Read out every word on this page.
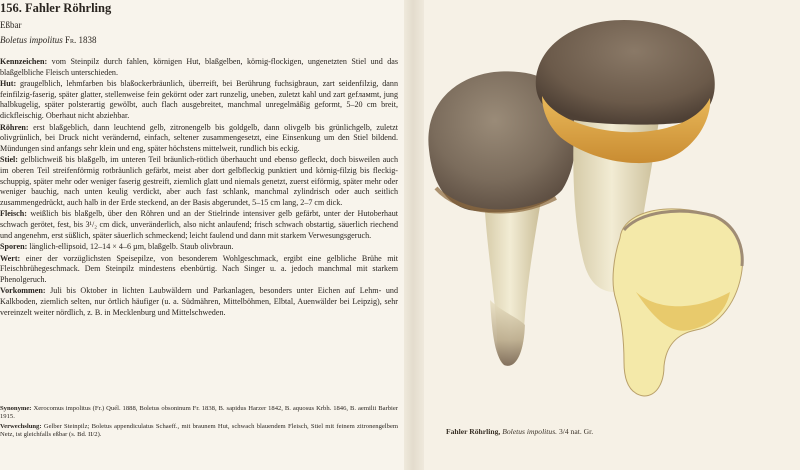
156. Fahler Röhrling
Eßbar
Boletus impolitus Fr. 1838

Kennzeichen: vom Steinpilz durch fahlen, körnigen Hut, blaßgelben, körnig-flockigen, ungenetzten Stiel und das blaßgelbliche Fleisch unterschieden.

Hut: graugelblich, lehmfarben bis blaßockerbräunlich, überreift, bei Berührung fuchsigbraun, zart seidenfilzig, dann feinfilzig-faserig, später glatter, stellenweise fein gekörnt oder zart runzelig, uneben, zuletzt kahl und zart gefламmt, jung halbkugelig, später polsterartig gewölbt, auch flach ausgebreitet, manchmal unregelmäßig geformt, 5–20 cm breit, dickfleischig. Oberhaut nicht abziehbar.

Röhren: erst blaßgeblich, dann leuchtend gelb, zitronengelb bis goldgelb, dann olivgelb bis grünlichgelb, zuletzt olivgrünlich, bei Druck nicht verändernd, einfach, seltener zusammengesetzt, eine Einsenkung um den Stiel bildend. Mündungen sind anfangs sehr klein und eng, später höchstens mittelweit, rundlich bis eckig.

Stiel: gelblichweiß bis blaßgelb, im unteren Teil bräunlich-rötlich überhaucht und ebenso gefleckt, doch bisweilen auch im oberen Teil streifenförmig rotbräunlich gefärbt, meist aber dort gelbfleckig punktiert und körnig-filzig bis fleckig-schuppig, später mehr oder weniger faserig gestreift, ziemlich glatt und niemals genetzt, zuerst eiförmig, später mehr oder weniger bauchig, nach unten keulig verdickt, aber auch fast schlank, manchmal zylindrisch oder auch seitlich zusammengedrückt, auch halb in der Erde steckend, an der Basis abgerundet, 5–15 cm lang, 2–7 cm dick.

Fleisch: weißlich bis blaßgelb, über den Röhren und an der Stielrinde intensiver gelb gefärbt, unter der Hutoberhaut schwach gerötet, fest, bis 3¹/₂ cm dick, unveränderlich, also nicht anlaufend; frisch schwach obstartig, säuerlich riechend und angenehm, erst süßlich, später säuerlich schmeckend; leicht faulend und dann mit starkem Verwesungsgeruch.

Sporen: länglich-ellipsoid, 12–14 × 4–6 µm, blaßgelb. Staub olivbraun.

Wert: einer der vorzüglichsten Speisepilze, von besonderem Wohlgeschmack, ergibt eine gelbliche Brühe mit Fleischbrühegeschmack. Dem Steinpilz mindestens ebenbürtig. Nach Singer u. a. jedoch manchmal mit starkem Phenolgeruch.

Vorkommen: Juli bis Oktober in lichten Laubwäldern und Parkanlagen, besonders unter Eichen auf Lehm- und Kalkboden, ziemlich selten, nur örtlich häufiger (u. a. Südmähren, Mittelböhmen, Elbtal, Auenwälder bei Leipzig), sehr vereinzelt weiter nördlich, z. B. in Mecklenburg und Mittelschweden.

Synonyme: Xerocomus impolitus (Fr.) Quél. 1888, Boletus obsoninum Fr. 1838, B. sapidus Harzer 1842, B. aquosus Krbh. 1846, B. aemilii Barbier 1915.

Verwechslung: Gelber Steinpilz; Boletus appendiculatus Schaeff., mit braunem Hut, schwach blauendem Fleisch, Stiel mit feinem zitronengelbem Netz, ist gleichfalls eßbar (s. Bd. II/2).	Fahler Röhrling, Boletus impolitus. 3/4 nat. Gr.
